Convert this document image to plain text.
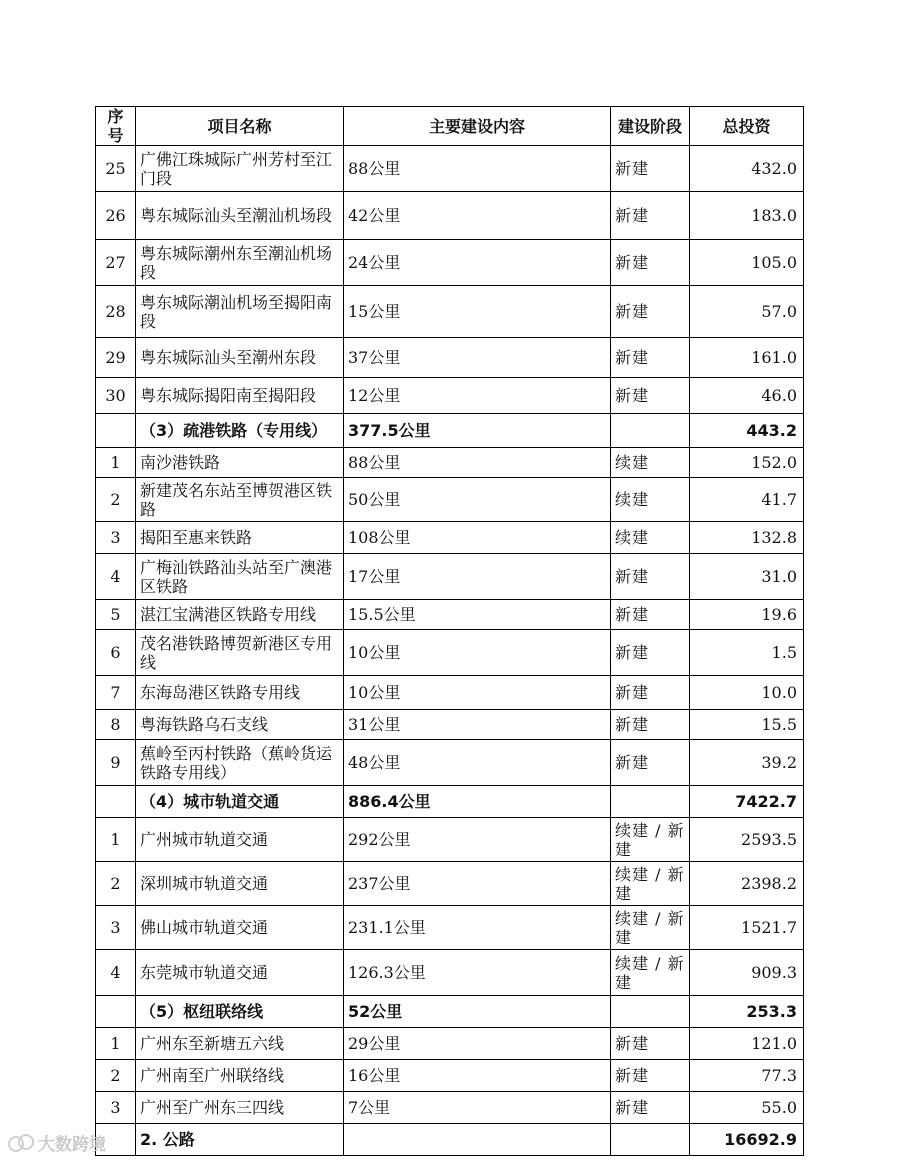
序号	项目名称	主要建设内容	建设阶段	总投资
25	广佛江珠城际广州芳村至江门段	88公里	新建	432.0
26	粤东城际汕头至潮汕机场段	42公里	新建	183.0
27	粤东城际潮州东至潮汕机场段	24公里	新建	105.0
28	粤东城际潮汕机场至揭阳南段	15公里	新建	57.0
29	粤东城际汕头至潮州东段	37公里	新建	161.0
30	粤东城际揭阳南至揭阳段	12公里	新建	46.0
	（3）疏港铁路（专用线）	377.5公里		443.2
1	南沙港铁路	88公里	续建	152.0
2	新建茂名东站至博贺港区铁路	50公里	续建	41.7
3	揭阳至惠来铁路	108公里	续建	132.8
4	广梅汕铁路汕头站至广澳港区铁路	17公里	新建	31.0
5	湛江宝满港区铁路专用线	15.5公里	新建	19.6
6	茂名港铁路博贺新港区专用线	10公里	新建	1.5
7	东海岛港区铁路专用线	10公里	新建	10.0
8	粤海铁路乌石支线	31公里	新建	15.5
9	蕉岭至丙村铁路（蕉岭货运铁路专用线）	48公里	新建	39.2
	（4）城市轨道交通	886.4公里		7422.7
1	广州城市轨道交通	292公里	续建 / 新建	2593.5
2	深圳城市轨道交通	237公里	续建 / 新建	2398.2
3	佛山城市轨道交通	231.1公里	续建 / 新建	1521.7
4	东莞城市轨道交通	126.3公里	续建 / 新建	909.3
	（5）枢纽联络线	52公里		253.3
1	广州东至新塘五六线	29公里	新建	121.0
2	广州南至广州联络线	16公里	新建	77.3
3	广州至广州东三四线	7公里	新建	55.0
	2. 公路			16692.9
大数跨境
